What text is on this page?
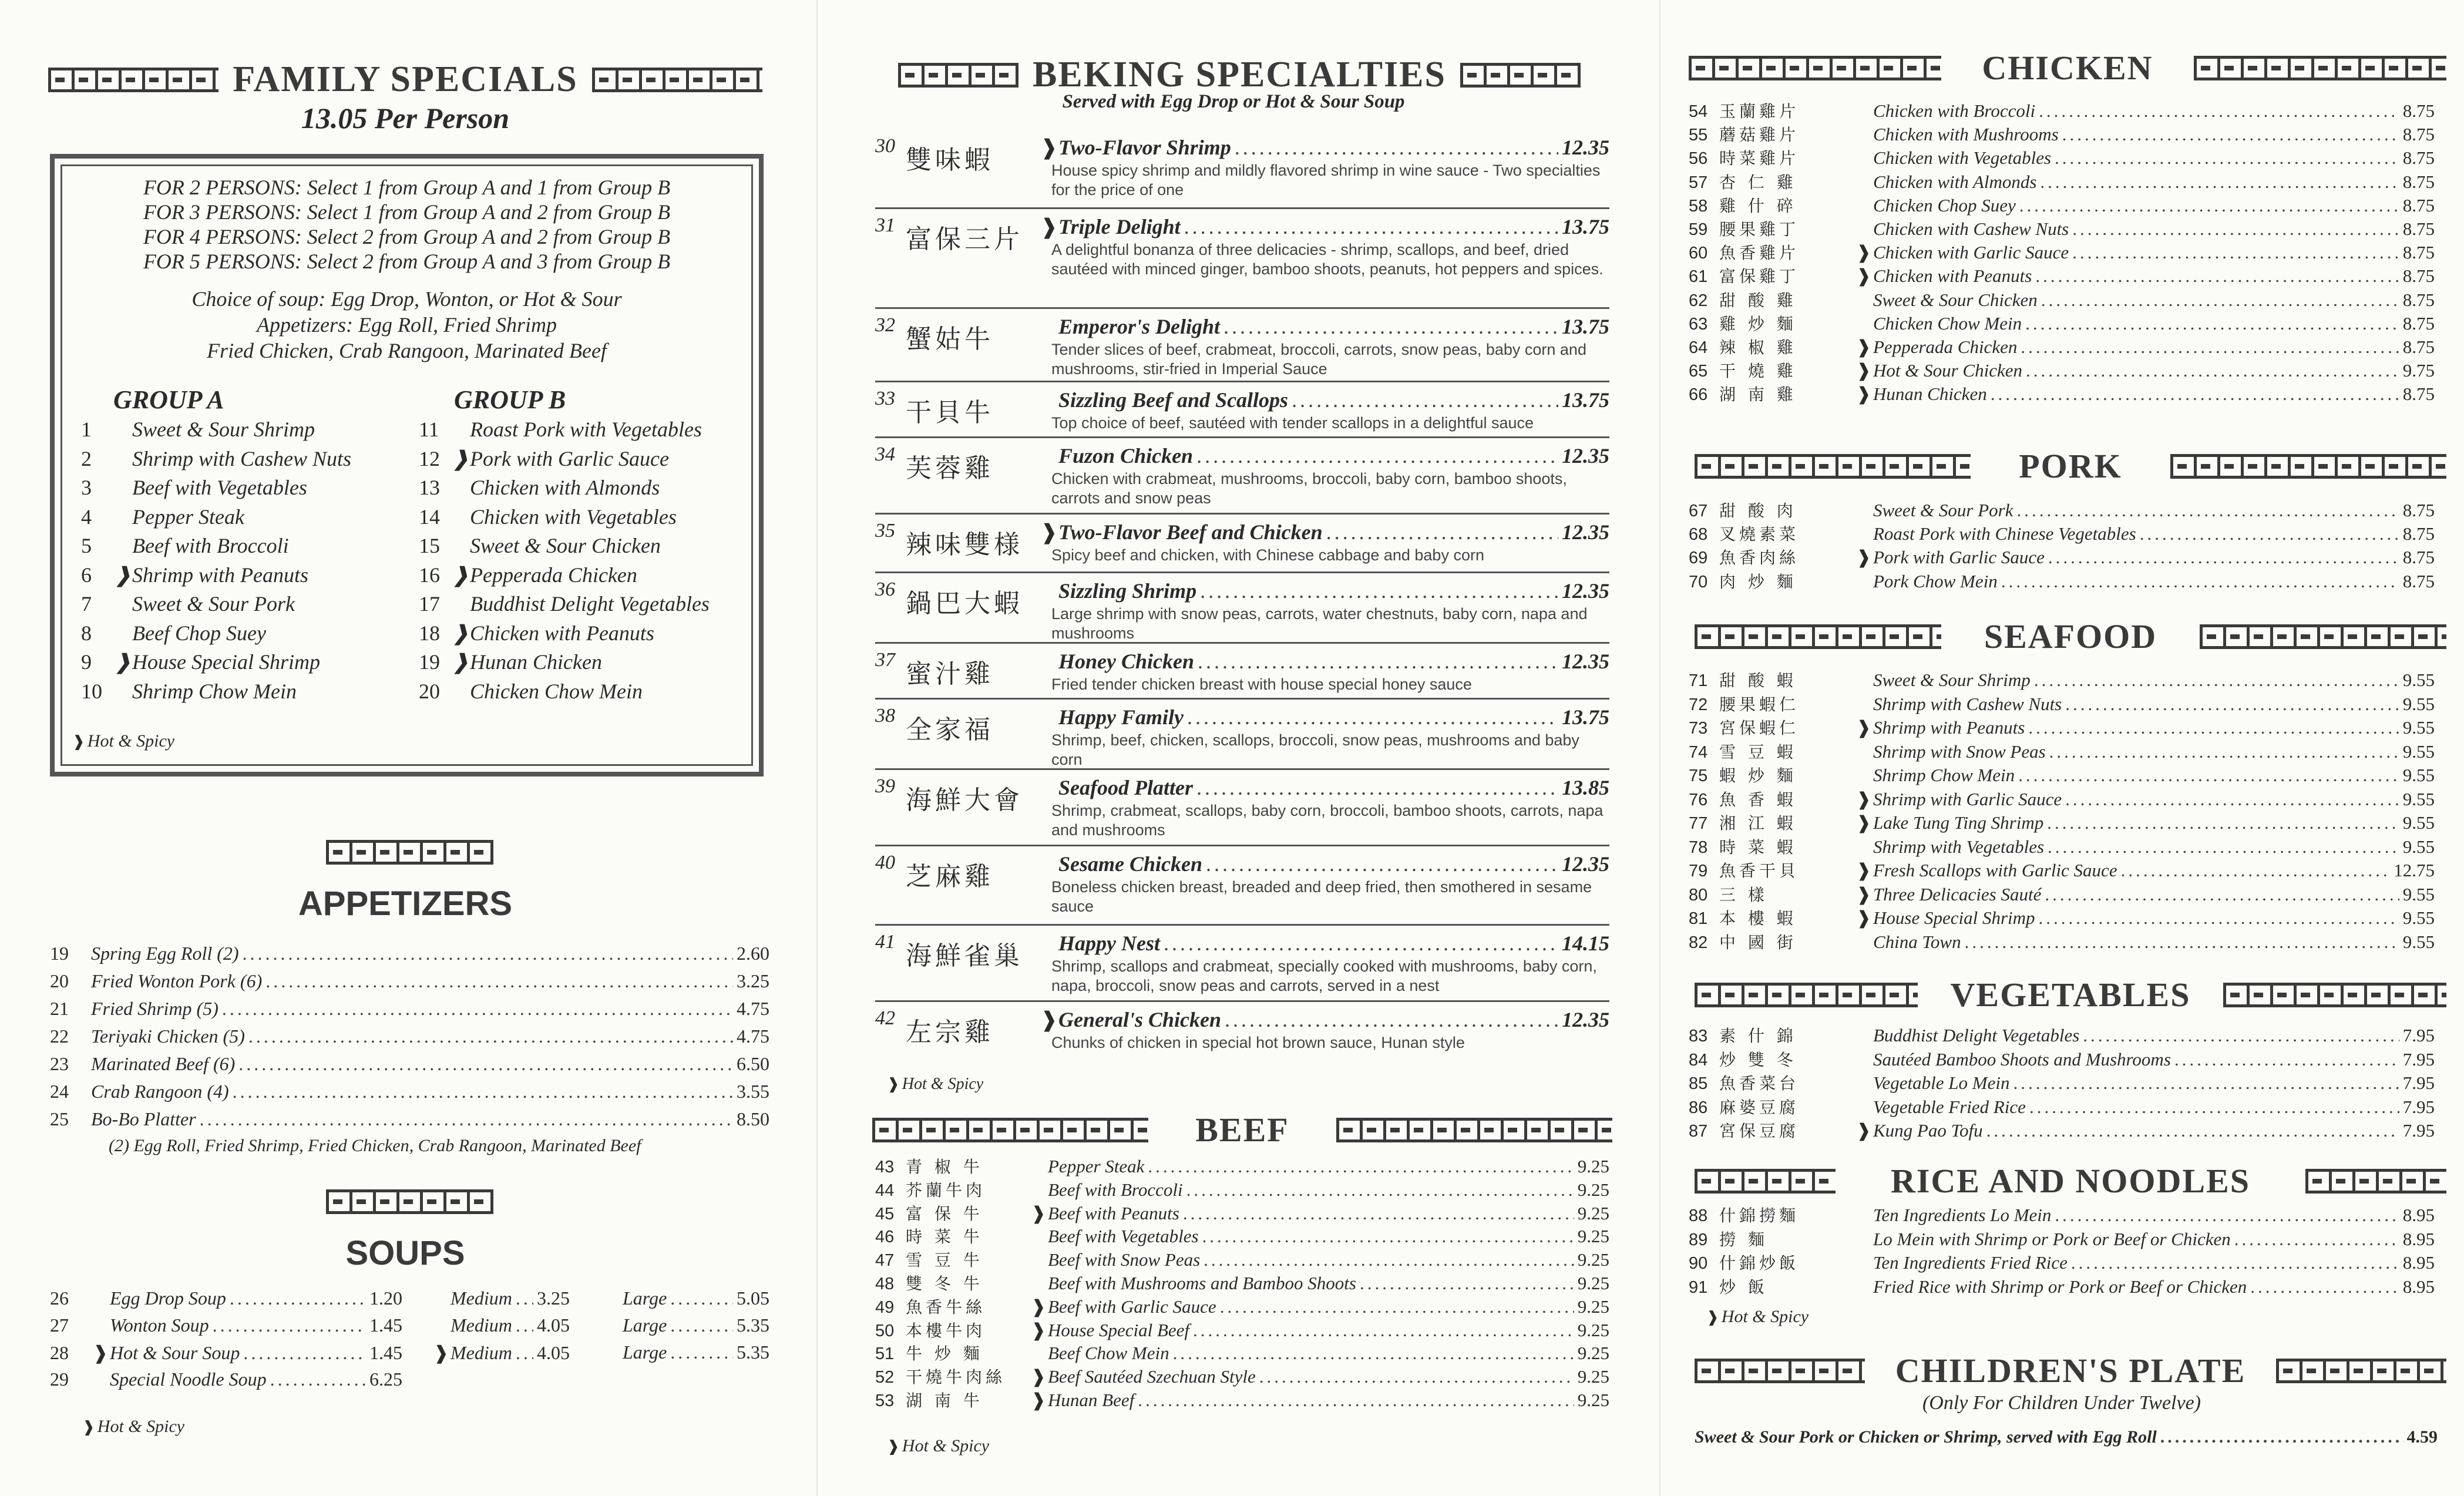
FAMILY SPECIALS
13.05 Per Person
FOR 2 PERSONS: Select 1 from Group A and 1 from Group B
FOR 3 PERSONS: Select 1 from Group A and 2 from Group B
FOR 4 PERSONS: Select 2 from Group A and 2 from Group B
FOR 5 PERSONS: Select 2 from Group A and 3 from Group B
Choice of soup: Egg Drop, Wonton, or Hot & Sour
Appetizers: Egg Roll, Fried Shrimp
Fried Chicken, Crab Rangoon, Marinated Beef
GROUP A	GROUP B
1 Sweet & Sour Shrimp
2 Shrimp with Cashew Nuts
3 Beef with Vegetables
4 Pepper Steak
5 Beef with Broccoli
6 ❱Shrimp with Peanuts
7 Sweet & Sour Pork
8 Beef Chop Suey
9 ❱House Special Shrimp
10 Shrimp Chow Mein
11 Roast Pork with Vegetables
12 ❱Pork with Garlic Sauce
13 Chicken with Almonds
14 Chicken with Vegetables
15 Sweet & Sour Chicken
16 ❱Pepperada Chicken
17 Buddhist Delight Vegetables
18 ❱Chicken with Peanuts
19 ❱Hunan Chicken
20 Chicken Chow Mein
❱ Hot & Spicy
APPETIZERS
19	Spring Egg Roll (2) .....	2.60
20	Fried Wonton Pork (6) .....	3.25
21	Fried Shrimp (5) .....	4.75
22	Teriyaki Chicken (5) .....	4.75
23	Marinated Beef (6) .....	6.50
24	Crab Rangoon (4) .....	3.55
25	Bo-Bo Platter .....	8.50
(2) Egg Roll, Fried Shrimp, Fried Chicken, Crab Rangoon, Marinated Beef
SOUPS
26	Egg Drop Soup .....	1.20	Medium ..... 3.25	Large .....	5.05
27	Wonton Soup .....	1.45	Medium ..... 4.05	Large .....	5.35
28	❱ Hot & Sour Soup .....	1.45 ❱ Medium ..... 4.05	Large .....	5.35
29	Special Noodle Soup .....	6.25
❱ Hot & Spicy
BEKING SPECIALTIES
Served with Egg Drop or Hot & Sour Soup
30 雙味蝦 ❱ Two-Flavor Shrimp .....	12.35
House spicy shrimp and mildly flavored shrimp in wine sauce - Two specialties for the price of one
31 富保三片 ❱ Triple Delight .....	13.75
A delightful bonanza of three delicacies - shrimp, scallops, and beef, dried sautéed with minced ginger, bamboo shoots, peanuts, hot peppers and spices.
32 蟹姑牛	Emperor's Delight .....	13.75
Tender slices of beef, crabmeat, broccoli, carrots, snow peas, baby corn and mushrooms, stir-fried in Imperial Sauce
33 干貝牛	Sizzling Beef and Scallops .....	13.75
Top choice of beef, sautéed with tender scallops in a delightful sauce
34 芙蓉雞	Fuzon Chicken .....	12.35
Chicken with crabmeat, mushrooms, broccoli, baby corn, bamboo shoots, carrots and snow peas
35 辣味雙様 ❱ Two-Flavor Beef and Chicken .....	12.35
Spicy beef and chicken, with Chinese cabbage and baby corn
36 鍋巴大蝦 Sizzling Shrimp .....	12.35
Large shrimp with snow peas, carrots, water chestnuts, baby corn, napa and mushrooms
37 蜜汁雞	Honey Chicken .....	12.35
Fried tender chicken breast with house special honey sauce
38 全家福	Happy Family .....	13.75
Shrimp, beef, chicken, scallops, broccoli, snow peas, mushrooms and baby corn
39 海鮮大會 Seafood Platter .....	13.85
Shrimp, crabmeat, scallops, baby corn, broccoli, bamboo shoots, carrots, napa and mushrooms
40 芝麻雞	Sesame Chicken .....	12.35
Boneless chicken breast, breaded and deep fried, then smothered in sesame sauce
41 海鮮雀巢 Happy Nest .....	14.15
Shrimp, scallops and crabmeat, specially cooked with mushrooms, baby corn, napa, broccoli, snow peas and carrots, served in a nest
42 左宗雞 ❱ General's Chicken .....	12.35
Chunks of chicken in special hot brown sauce, Hunan style
❱ Hot & Spicy
BEEF
43 青 椒 牛	Pepper Steak .....	9.25
44 芥蘭牛肉	Beef with Broccoli .....	9.25
45 富 保 牛	❱ Beef with Peanuts .....	9.25
46 時 菜 牛	Beef with Vegetables .....	9.25
47 雪 豆 牛	Beef with Snow Peas .....	9.25
48 雙 冬 牛	Beef with Mushrooms and Bamboo Shoots .....	9.25
49 魚香牛絲	❱ Beef with Garlic Sauce .....	9.25
50 本樓牛肉	❱ House Special Beef .....	9.25
51 牛 炒 麵	Beef Chow Mein .....	9.25
52 干燒牛肉絲	❱ Beef Sautéed Szechuan Style .....	9.25
53 湖 南 牛	❱ Hunan Beef .....	9.25
❱ Hot & Spicy
CHICKEN
54 玉蘭雞片	Chicken with Broccoli .....	8.75
55 蘑菇雞片	Chicken with Mushrooms .....	8.75
56 時菜雞片	Chicken with Vegetables .....	8.75
57 杏 仁 雞	Chicken with Almonds .....	8.75
58 雞 什 碎	Chicken Chop Suey .....	8.75
59 腰果雞丁	Chicken with Cashew Nuts .....	8.75
60 魚香雞片	❱ Chicken with Garlic Sauce .....	8.75
61 富保雞丁	❱ Chicken with Peanuts .....	8.75
62 甜 酸 雞	Sweet & Sour Chicken .....	8.75
63 雞 炒 麵	Chicken Chow Mein .....	8.75
64 辣 椒 雞	❱ Pepperada Chicken .....	8.75
65 干 燒 雞	❱ Hot & Sour Chicken .....	9.75
66 湖 南 雞	❱ Hunan Chicken .....	8.75
PORK
67 甜 酸 肉	Sweet & Sour Pork .....	8.75
68 叉燒素菜	Roast Pork with Chinese Vegetables .....	8.75
69 魚香肉絲	❱ Pork with Garlic Sauce .....	8.75
70 肉 炒 麵	Pork Chow Mein .....	8.75
SEAFOOD
71 甜 酸 蝦	Sweet & Sour Shrimp .....	9.55
72 腰果蝦仁	Shrimp with Cashew Nuts .....	9.55
73 宮保蝦仁	❱ Shrimp with Peanuts .....	9.55
74 雪 豆 蝦	Shrimp with Snow Peas .....	9.55
75 蝦 炒 麵	Shrimp Chow Mein .....	9.55
76 魚 香 蝦	❱ Shrimp with Garlic Sauce .....	9.55
77 湘 江 蝦	❱ Lake Tung Ting Shrimp .....	9.55
78 時 菜 蝦	Shrimp with Vegetables .....	9.55
79 魚香干貝	❱ Fresh Scallops with Garlic Sauce .....	12.75
80 三 樣	❱ Three Delicacies Sauté .....	9.55
81 本 樓 蝦	❱ House Special Shrimp .....	9.55
82 中 國 街	China Town .....	9.55
VEGETABLES
83 素 什 錦	Buddhist Delight Vegetables .....	7.95
84 炒 雙 冬	Sautéed Bamboo Shoots and Mushrooms .....	7.95
85 魚香菜台	Vegetable Lo Mein .....	7.95
86 麻婆豆腐	Vegetable Fried Rice .....	7.95
87 宮保豆腐	❱ Kung Pao Tofu .....	7.95
RICE AND NOODLES
88 什錦撈麵	Ten Ingredients Lo Mein .....	8.95
89 撈 麵	Lo Mein with Shrimp or Pork or Beef or Chicken .....	8.95
90 什錦炒飯	Ten Ingredients Fried Rice .....	8.95
91 炒 飯	Fried Rice with Shrimp or Pork or Beef or Chicken .....	8.95
❱ Hot & Spicy
CHILDREN'S PLATE
(Only For Children Under Twelve)
Sweet & Sour Pork or Chicken or Shrimp, served with Egg Roll .....	4.59
